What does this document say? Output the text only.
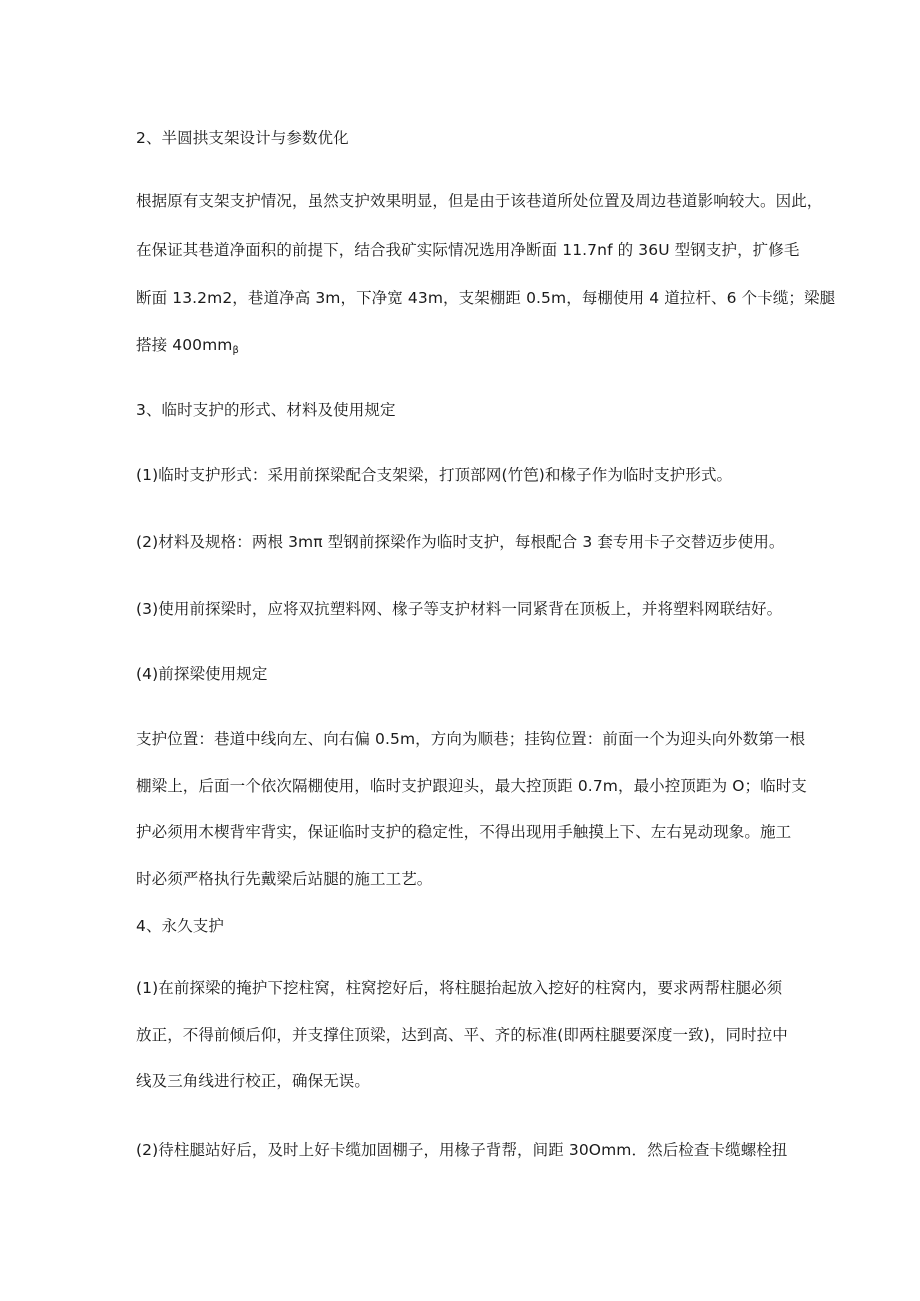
2、半圆拱支架设计与参数优化
根据原有支架支护情况，虽然支护效果明显，但是由于该巷道所处位置及周边巷道影响较大。因此，
在保证其巷道净面积的前提下，结合我矿实际情况选用净断面 11.7nf 的 36U 型钢支护，扩修毛
断面 13.2m2，巷道净高 3m，下净宽 43m，支架棚距 0.5m，每棚使用 4 道拉杆、6 个卡缆；梁腿
搭接 400mmβ
3、临时支护的形式、材料及使用规定
(1)临时支护形式：采用前探梁配合支架梁，打顶部网(竹笆)和椽子作为临时支护形式。
(2)材料及规格：两根 3mπ 型钢前探梁作为临时支护，每根配合 3 套专用卡子交替迈步使用。
(3)使用前探梁时，应将双抗塑料网、椽子等支护材料一同紧背在顶板上，并将塑料网联结好。
(4)前探梁使用规定
支护位置：巷道中线向左、向右偏 0.5m，方向为顺巷；挂钩位置：前面一个为迎头向外数第一根
棚梁上，后面一个依次隔棚使用，临时支护跟迎头，最大控顶距 0.7m，最小控顶距为 O；临时支
护必须用木楔背牢背实，保证临时支护的稳定性，不得出现用手触摸上下、左右晃动现象。施工
时必须严格执行先戴梁后站腿的施工工艺。
4、永久支护
(1)在前探梁的掩护下挖柱窝，柱窝挖好后，将柱腿抬起放入挖好的柱窝内，要求两帮柱腿必须
放正，不得前倾后仰，并支撑住顶梁，达到高、平、齐的标准(即两柱腿要深度一致)，同时拉中
线及三角线进行校正，确保无误。
(2)待柱腿站好后，及时上好卡缆加固棚子，用椽子背帮，间距 30Omm．然后检查卡缆螺栓扭
